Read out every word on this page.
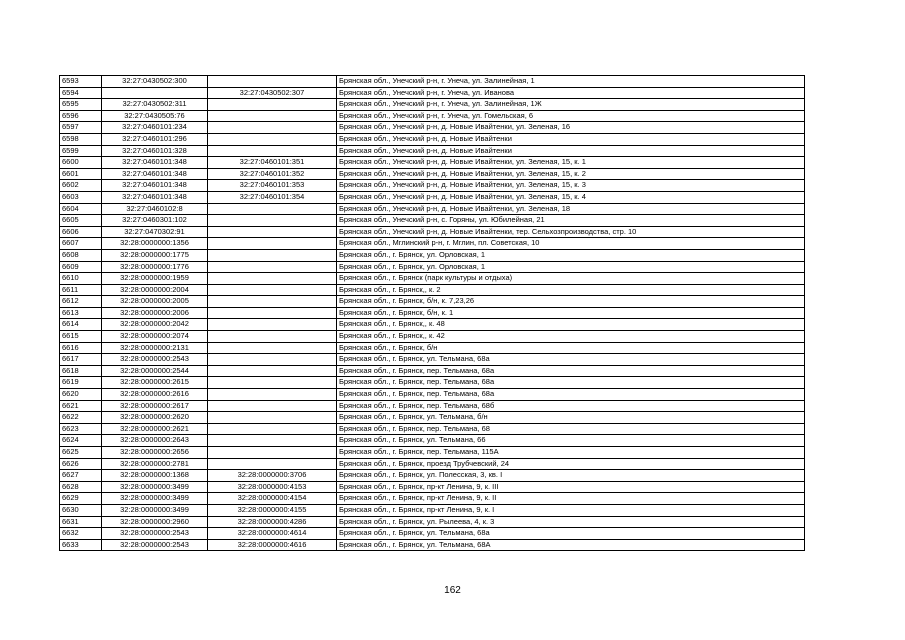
6593	32:27:0430502:300		Брянская обл., Унечский р-н, г. Унеча, ул. Залинейная, 1
6594		32:27:0430502:307	Брянская обл., Унечский р-н, г. Унеча, ул. Иванова
6595	32:27:0430502:311		Брянская обл., Унечский р-н, г. Унеча, ул. Залинейная, 1Ж
6596	32:27:0430505:76		Брянская обл., Унечский р-н, г. Унеча, ул. Гомельская, 6
6597	32:27:0460101:234		Брянская обл., Унечский р-н, д. Новые Ивайтенки, ул. Зеленая, 16
6598	32:27:0460101:296		Брянская обл., Унечский р-н, д. Новые Ивайтенки
6599	32:27:0460101:328		Брянская обл., Унечский р-н, д. Новые Ивайтенки
6600	32:27:0460101:348	32:27:0460101:351	Брянская обл., Унечский р-н, д. Новые Ивайтенки, ул. Зеленая, 15, к. 1
6601	32:27:0460101:348	32:27:0460101:352	Брянская обл., Унечский р-н, д. Новые Ивайтенки, ул. Зеленая, 15, к. 2
6602	32:27:0460101:348	32:27:0460101:353	Брянская обл., Унечский р-н, д. Новые Ивайтенки, ул. Зеленая, 15, к. 3
6603	32:27:0460101:348	32:27:0460101:354	Брянская обл., Унечский р-н, д. Новые Ивайтенки, ул. Зеленая, 15, к. 4
6604	32:27:0460102:8		Брянская обл., Унечский р-н, д. Новые Ивайтенки, ул. Зеленая, 18
6605	32:27:0460301:102		Брянская обл., Унечский р-н, с. Горяны, ул. Юбилейная, 21
6606	32:27:0470302:91		Брянская обл., Унечский р-н, д. Новые Ивайтенки, тер. Сельхозпроизводства, стр. 10
6607	32:28:0000000:1356		Брянская обл., Мглинский р-н, г. Мглин, пл. Советская, 10
6608	32:28:0000000:1775		Брянская обл., г. Брянск, ул. Орловская, 1
6609	32:28:0000000:1776		Брянская обл., г. Брянск, ул. Орловская, 1
6610	32:28:0000000:1959		Брянская обл., г. Брянск (парк культуры и отдыха)
6611	32:28:0000000:2004		Брянская обл., г. Брянск,, к. 2
6612	32:28:0000000:2005		Брянская обл., г. Брянск, б/н, к. 7,23,26
6613	32:28:0000000:2006		Брянская обл., г. Брянск, б/н, к. 1
6614	32:28:0000000:2042		Брянская обл., г. Брянск,, к. 48
6615	32:28:0000000:2074		Брянская обл., г. Брянск,, к. 42
6616	32:28:0000000:2131		Брянская обл., г. Брянск, б/н
6617	32:28:0000000:2543		Брянская обл., г. Брянск, ул. Тельмана, 68а
6618	32:28:0000000:2544		Брянская обл., г. Брянск, пер. Тельмана, 68а
6619	32:28:0000000:2615		Брянская обл., г. Брянск, пер. Тельмана, 68а
6620	32:28:0000000:2616		Брянская обл., г. Брянск, пер. Тельмана, 68а
6621	32:28:0000000:2617		Брянская обл., г. Брянск, пер. Тельмана, 68б
6622	32:28:0000000:2620		Брянская обл., г. Брянск, ул. Тельмана, б/н
6623	32:28:0000000:2621		Брянская обл., г. Брянск, пер. Тельмана, 68
6624	32:28:0000000:2643		Брянская обл., г. Брянск, ул. Тельмана, 66
6625	32:28:0000000:2656		Брянская обл., г. Брянск, пер. Тельмана, 115А
6626	32:28:0000000:2781		Брянская обл., г. Брянск, проезд Трубчевский, 24
6627	32:28:0000000:1368	32:28:0000000:3706	Брянская обл., г. Брянск, ул. Полесская, 3, кв. I
6628	32:28:0000000:3499	32:28:0000000:4153	Брянская обл., г. Брянск, пр-кт Ленина, 9, к. III
6629	32:28:0000000:3499	32:28:0000000:4154	Брянская обл., г. Брянск, пр-кт Ленина, 9, к. II
6630	32:28:0000000:3499	32:28:0000000:4155	Брянская обл., г. Брянск, пр-кт Ленина, 9, к. I
6631	32:28:0000000:2960	32:28:0000000:4286	Брянская обл., г. Брянск, ул. Рылеева, 4, к. 3
6632	32:28:0000000:2543	32:28:0000000:4614	Брянская обл., г. Брянск, ул. Тельмана, 68а
6633	32:28:0000000:2543	32:28:0000000:4616	Брянская обл., г. Брянск, ул. Тельмана, 68А
162
